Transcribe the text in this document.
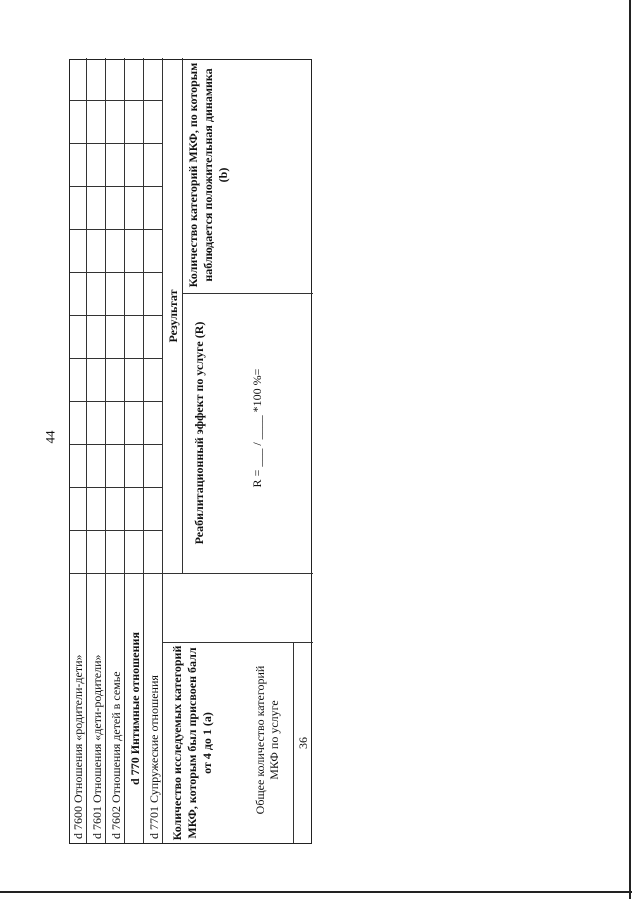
44
d 7600 Отношения «родители-дети» d 7601 Отношения «дети-родители» d 7602 Отношения детей в семье d 770 Интимные отношения d 7701 Супружеские отношения
Результат
Количество исследуемых категорий МКФ, которым был присвоен балл от 4 до 1 (а)	Общее количество категорий МКФ по услуге 36
Реабилитационный эффект по услуге (R)	R = ___ / ____ *100 %=
Количество категорий МКФ, по которым наблюдается положительная динамика (b)
